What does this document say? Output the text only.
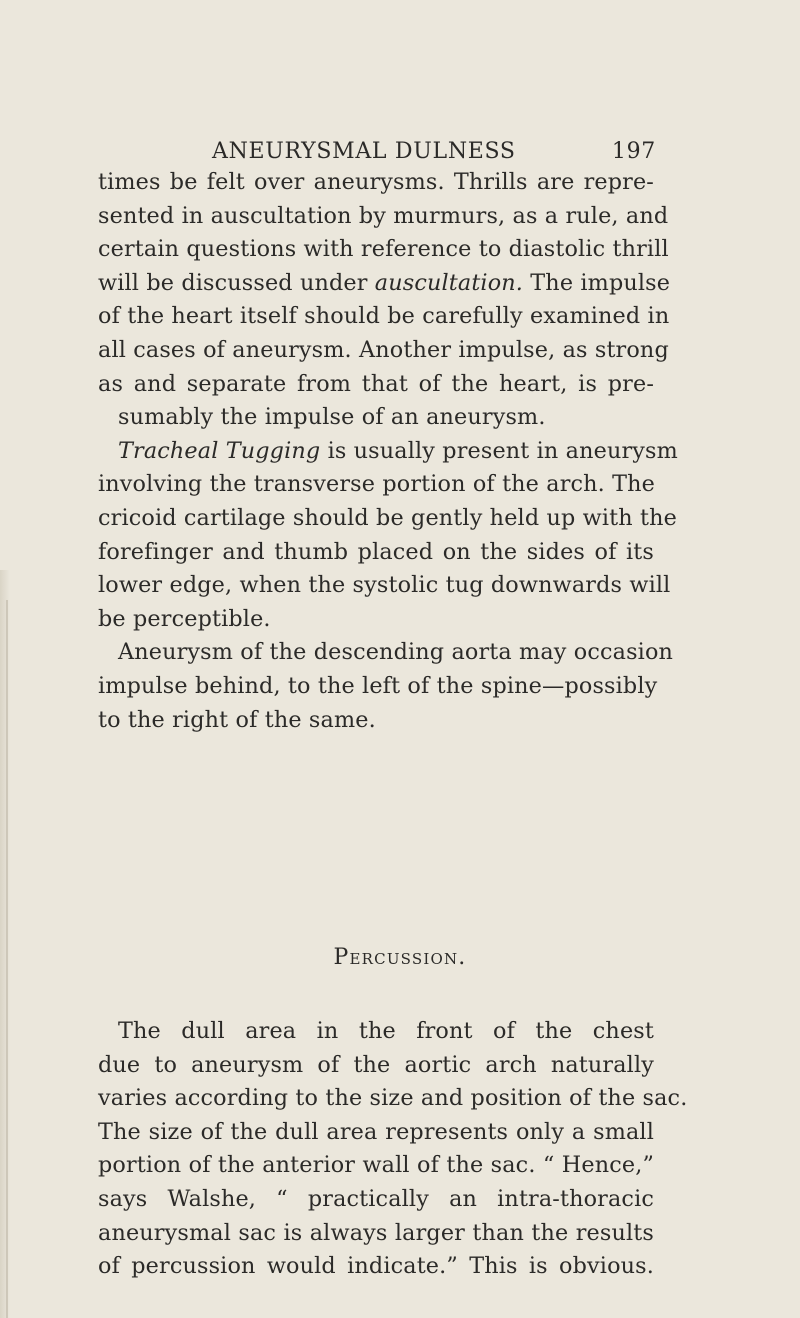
ANEURYSMAL DULNESS	197
times be felt over aneurysms. Thrills are repre-
sented in auscultation by murmurs, as a rule, and
certain questions with reference to diastolic thrill
will be discussed under auscultation. The impulse
of the heart itself should be carefully examined in
all cases of aneurysm. Another impulse, as strong
as and separate from that of the heart, is pre-
sumably the impulse of an aneurysm.
Tracheal Tugging is usually present in aneurysm
involving the transverse portion of the arch. The
cricoid cartilage should be gently held up with the
forefinger and thumb placed on the sides of its
lower edge, when the systolic tug downwards will
be perceptible.
Aneurysm of the descending aorta may occasion
impulse behind, to the left of the spine—possibly
to the right of the same.
Percussion.
The dull area in the front of the chest
due to aneurysm of the aortic arch naturally
varies according to the size and position of the sac.
The size of the dull area represents only a small
portion of the anterior wall of the sac. “ Hence,”
says Walshe, “ practically an intra-thoracic
aneurysmal sac is always larger than the results
of percussion would indicate.” This is obvious.
